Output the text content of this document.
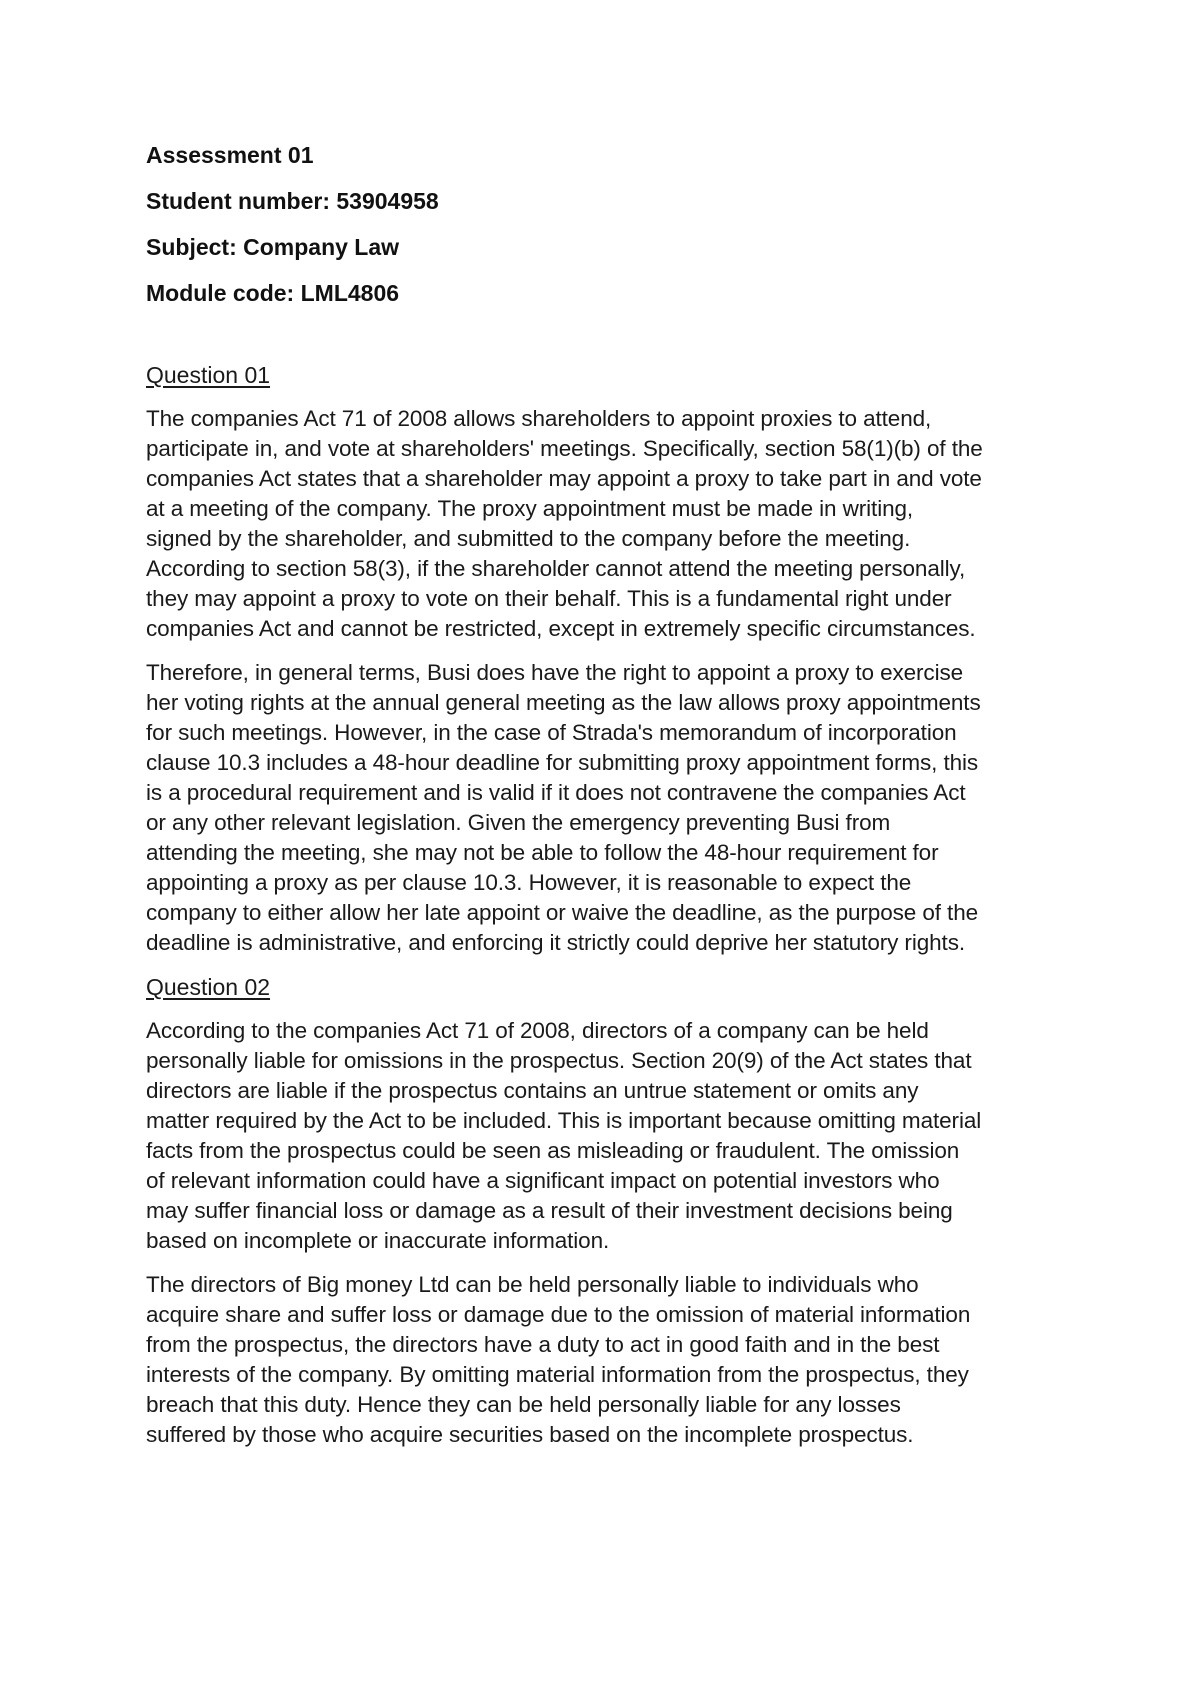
Assessment 01

Student number: 53904958

Subject: Company Law

Module code: LML4806

Question 01

The companies Act 71 of 2008 allows shareholders to appoint proxies to attend,
participate in, and vote at shareholders' meetings. Specifically, section 58(1)(b) of the
companies Act states that a shareholder may appoint a proxy to take part in and vote
at a meeting of the company. The proxy appointment must be made in writing,
signed by the shareholder, and submitted to the company before the meeting.
According to section 58(3), if the shareholder cannot attend the meeting personally,
they may appoint a proxy to vote on their behalf. This is a fundamental right under
companies Act and cannot be restricted, except in extremely specific circumstances.

Therefore, in general terms, Busi does have the right to appoint a proxy to exercise
her voting rights at the annual general meeting as the law allows proxy appointments
for such meetings. However, in the case of Strada's memorandum of incorporation
clause 10.3 includes a 48-hour deadline for submitting proxy appointment forms, this
is a procedural requirement and is valid if it does not contravene the companies Act
or any other relevant legislation. Given the emergency preventing Busi from
attending the meeting, she may not be able to follow the 48-hour requirement for
appointing a proxy as per clause 10.3. However, it is reasonable to expect the
company to either allow her late appoint or waive the deadline, as the purpose of the
deadline is administrative, and enforcing it strictly could deprive her statutory rights.

Question 02

According to the companies Act 71 of 2008, directors of a company can be held
personally liable for omissions in the prospectus. Section 20(9) of the Act states that
directors are liable if the prospectus contains an untrue statement or omits any
matter required by the Act to be included. This is important because omitting material
facts from the prospectus could be seen as misleading or fraudulent. The omission
of relevant information could have a significant impact on potential investors who
may suffer financial loss or damage as a result of their investment decisions being
based on incomplete or inaccurate information.

The directors of Big money Ltd can be held personally liable to individuals who
acquire share and suffer loss or damage due to the omission of material information
from the prospectus, the directors have a duty to act in good faith and in the best
interests of the company. By omitting material information from the prospectus, they
breach that this duty. Hence they can be held personally liable for any losses
suffered by those who acquire securities based on the incomplete prospectus.
